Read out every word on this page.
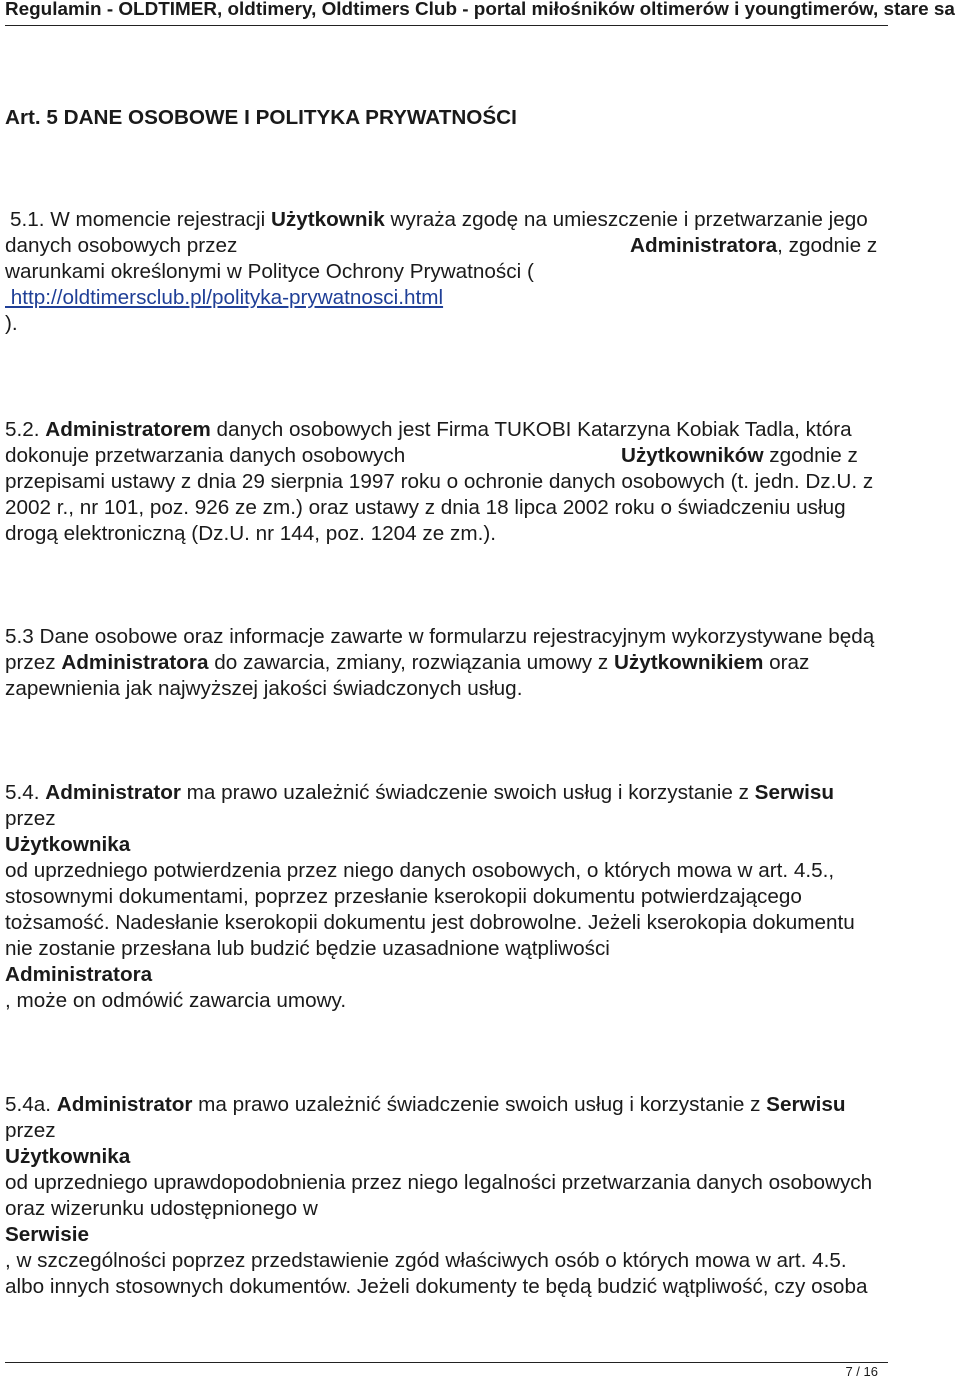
Regulamin - OLDTIMER, oldtimery, Oldtimers Club - portal miłośników oltimerów i youngtimerów, stare sa
Art. 5 DANE OSOBOWE I POLITYKA PRYWATNOŚCI
5.1. W momencie rejestracji Użytkownik wyraża zgodę na umieszczenie i przetwarzanie jego
danych osobowych przez	Administratora, zgodnie z
warunkami określonymi w Polityce Ochrony Prywatności (
http://oldtimersclub.pl/polityka-prywatnosci.html
).
5.2. Administratorem danych osobowych jest Firma TUKOBI Katarzyna Kobiak Tadla, która
dokonuje przetwarzania danych osobowych	Użytkowników zgodnie z
przepisami ustawy z dnia 29 sierpnia 1997 roku o ochronie danych osobowych (t. jedn. Dz.U. z
2002 r., nr 101, poz. 926 ze zm.) oraz ustawy z dnia 18 lipca 2002 roku o świadczeniu usług
drogą elektroniczną (Dz.U. nr 144, poz. 1204 ze zm.).
5.3 Dane osobowe oraz informacje zawarte w formularzu rejestracyjnym wykorzystywane będą
przez Administratora do zawarcia, zmiany, rozwiązania umowy z Użytkownikiem oraz
zapewnienia jak najwyższej jakości świadczonych usług.
5.4. Administrator ma prawo uzależnić świadczenie swoich usług i korzystanie z Serwisu
przez
Użytkownika
od uprzedniego potwierdzenia przez niego danych osobowych, o których mowa w art. 4.5.,
stosownymi dokumentami, poprzez przesłanie kserokopii dokumentu potwierdzającego
tożsamość. Nadesłanie kserokopii dokumentu jest dobrowolne. Jeżeli kserokopia dokumentu
nie zostanie przesłana lub budzić będzie uzasadnione wątpliwości
Administratora
, może on odmówić zawarcia umowy.
5.4a. Administrator ma prawo uzależnić świadczenie swoich usług i korzystanie z Serwisu
przez
Użytkownika
od uprzedniego uprawdopodobnienia przez niego legalności przetwarzania danych osobowych
oraz wizerunku udostępnionego w
Serwisie
, w szczególności poprzez przedstawienie zgód właściwych osób o których mowa w art. 4.5.
albo innych stosownych dokumentów. Jeżeli dokumenty te będą budzić wątpliwość, czy osoba
7 / 16
